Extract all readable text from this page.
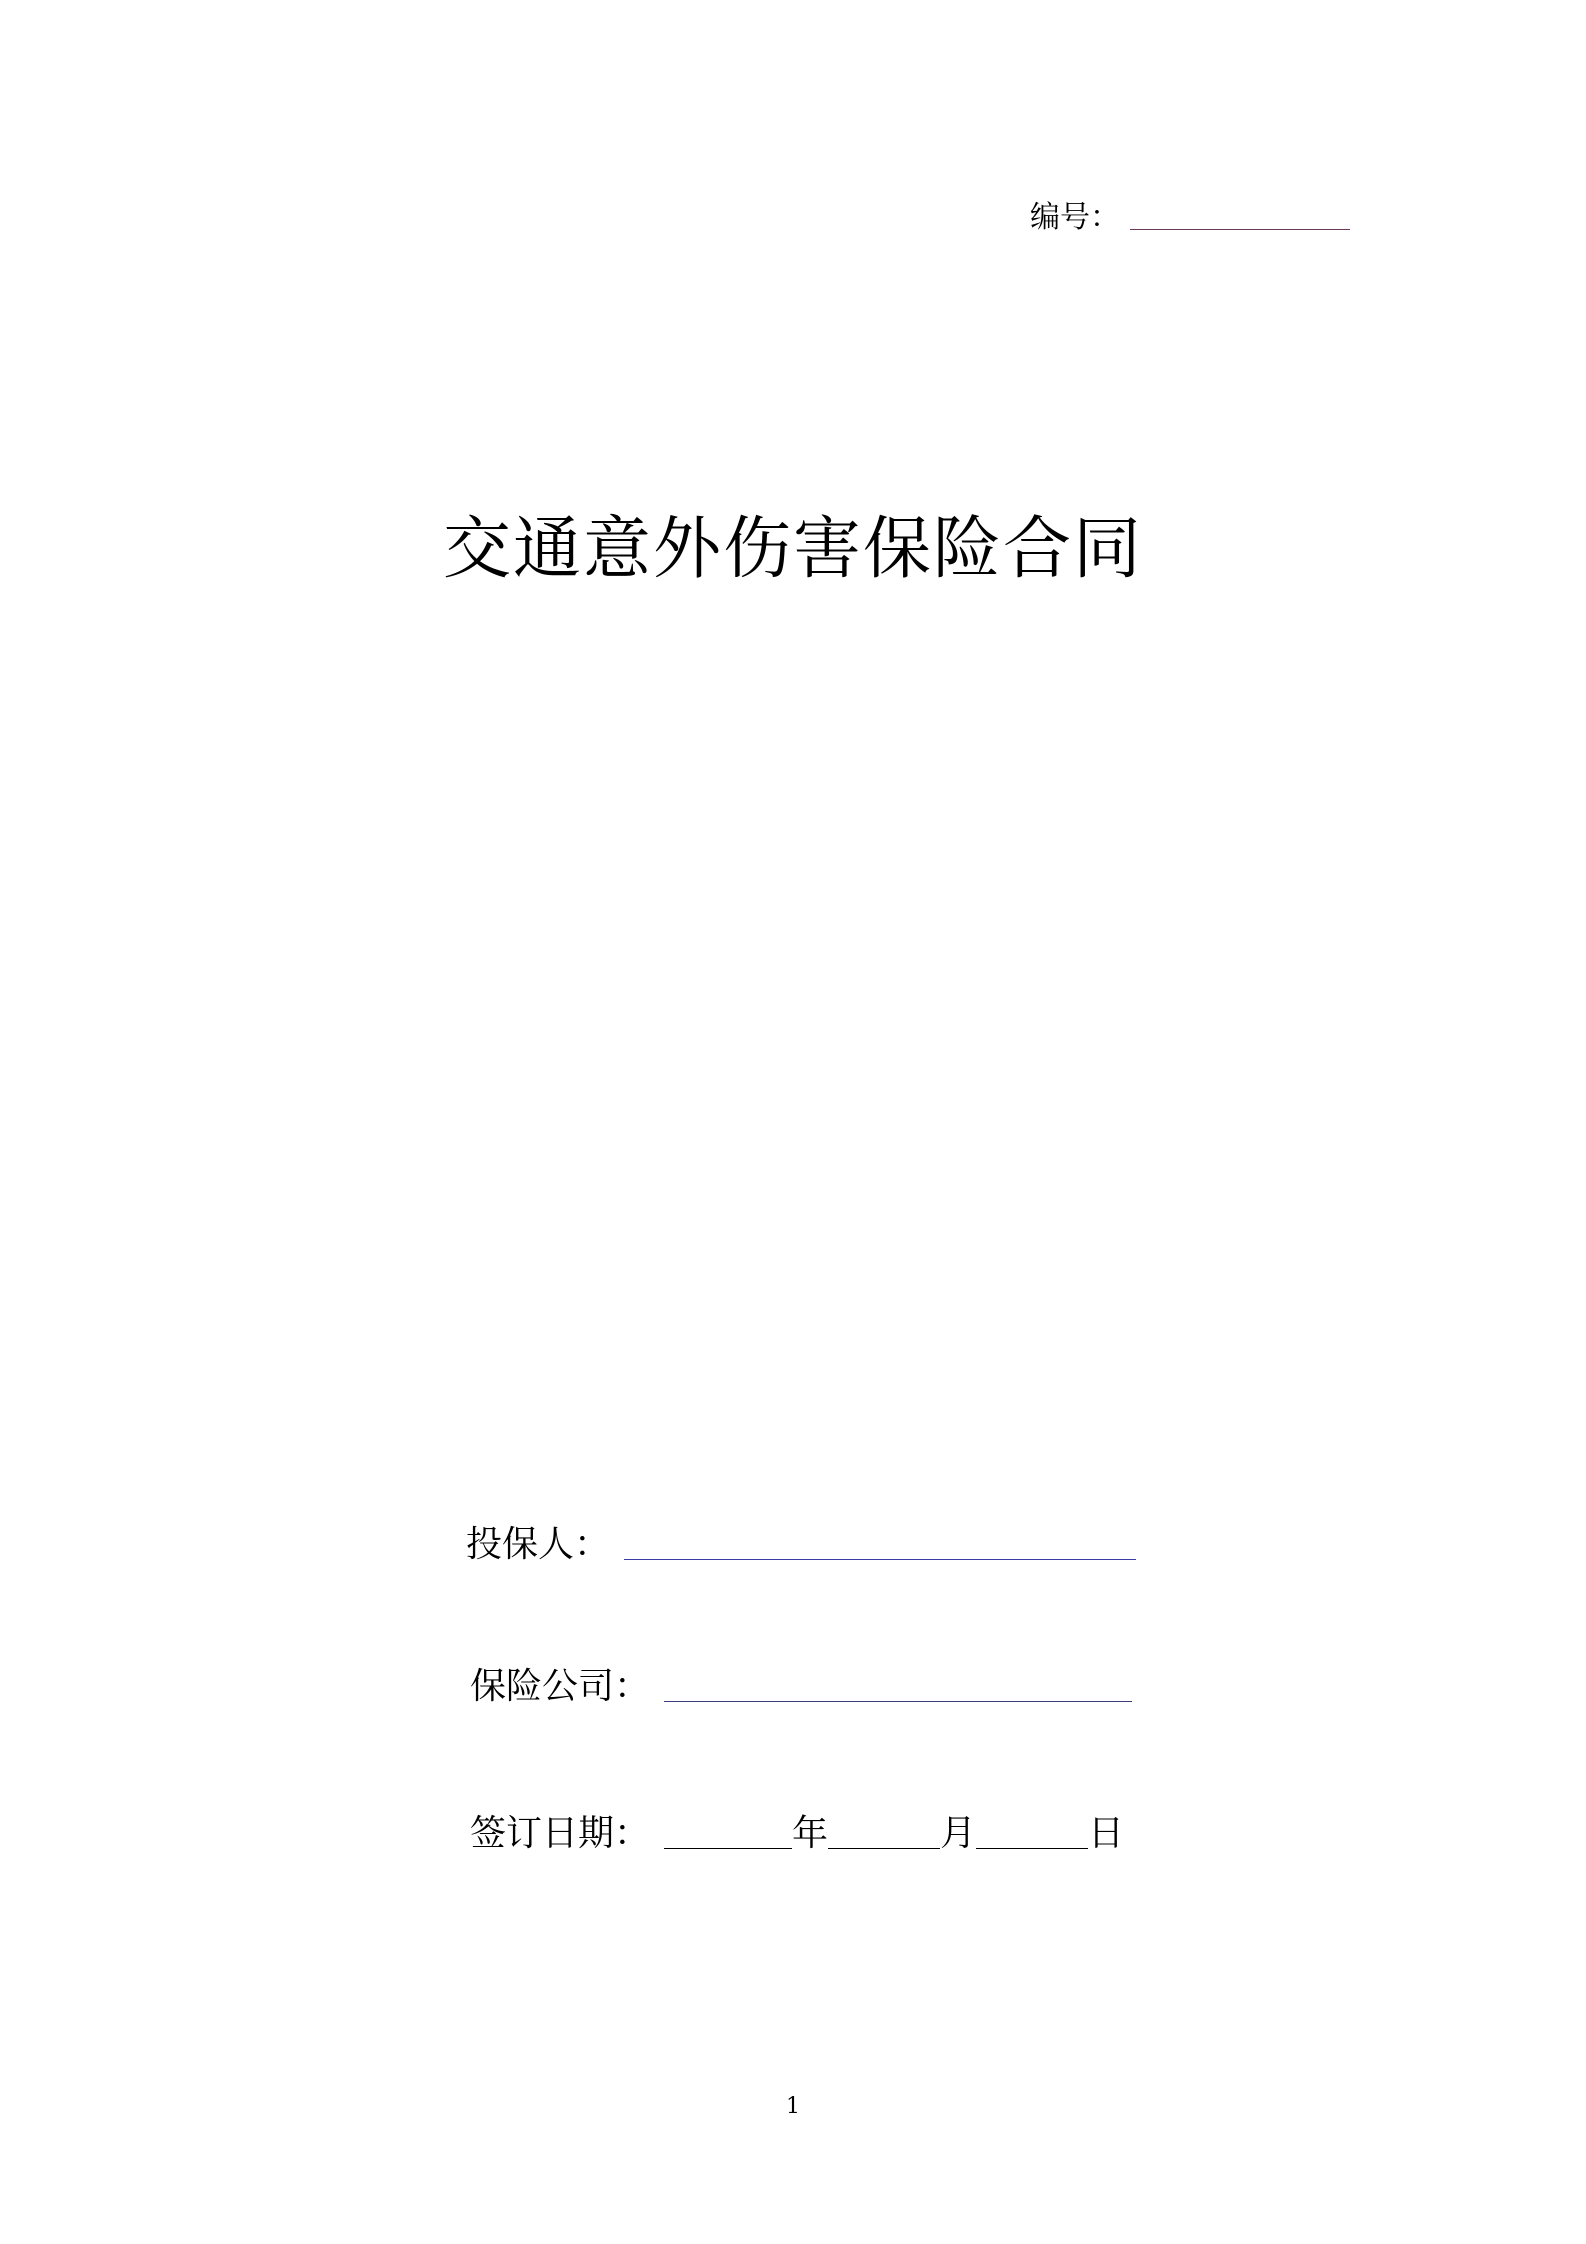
编号：
交通意外伤害保险合同
投保人：
保险公司：
签订日期：	年	月	日
1
